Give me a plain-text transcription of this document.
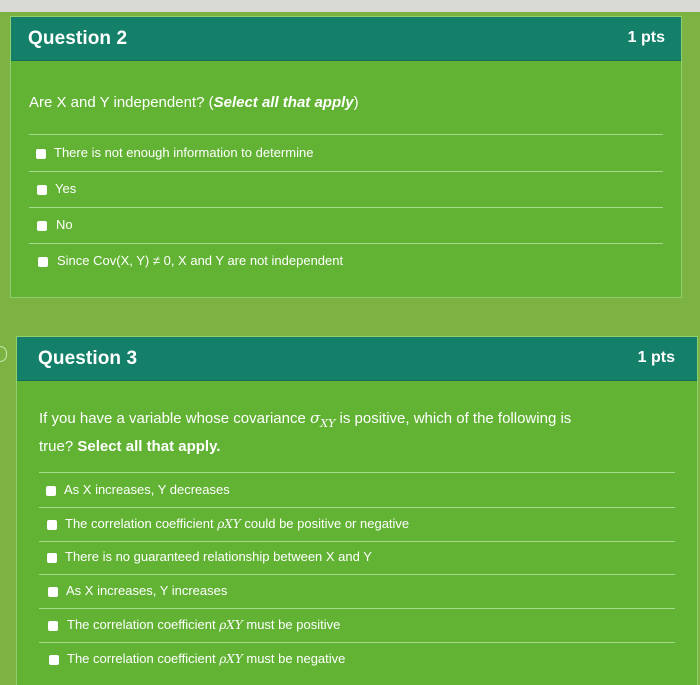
Question 2	1 pts
Are X and Y independent? (Select all that apply)
There is not enough information to determine
Yes
No
Since Cov(X, Y) ≠ 0, X and Y are not independent
Question 3	1 pts
If you have a variable whose covariance $\sigma_{XY}$ is positive, which of the following is
true? Select all that apply.
As X increases, Y decreases
The correlation coefficient ρXY could be positive or negative
There is no guaranteed relationship between X and Y
As X increases, Y increases
The correlation coefficient ρXY must be positive
The correlation coefficient ρXY must be negative
